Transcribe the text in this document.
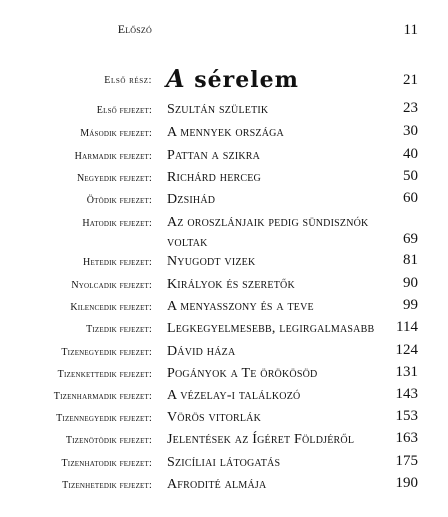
Előszó	11
Első rész: A sérelem	21
Első fejezet: Szultán születik	23
Második fejezet: A mennyek országa	30
Harmadik fejezet: Pattan a szikra	40
Negyedik fejezet: Richárd herceg	50
Ötödik fejezet: Dzsihád	60
Hatodik fejezet: Az oroszlánjaik pedig sündisznók voltak	69
Hetedik fejezet: Nyugodt vizek	81
Nyolcadik fejezet: Királyok és szeretők	90
Kilencedik fejezet: A menyasszony és a teve	99
Tizedik fejezet: Legkegyelmesebb, legirgalmasabb	114
Tizenegyedik fejezet: Dávid háza	124
Tizenkettedik fejezet: Pogányok a Te örökösöd	131
Tizenharmadik fejezet: A vézelay-i találkozó	143
Tizennegyedik fejezet: Vörös vitorlák	153
Tizenötödik fejezet: Jelentések az Ígéret Földjéről	163
Tizenhatodik fejezet: Szicíliai látogatás	175
Tizenhetedik fejezet: Afrodité almája	190
